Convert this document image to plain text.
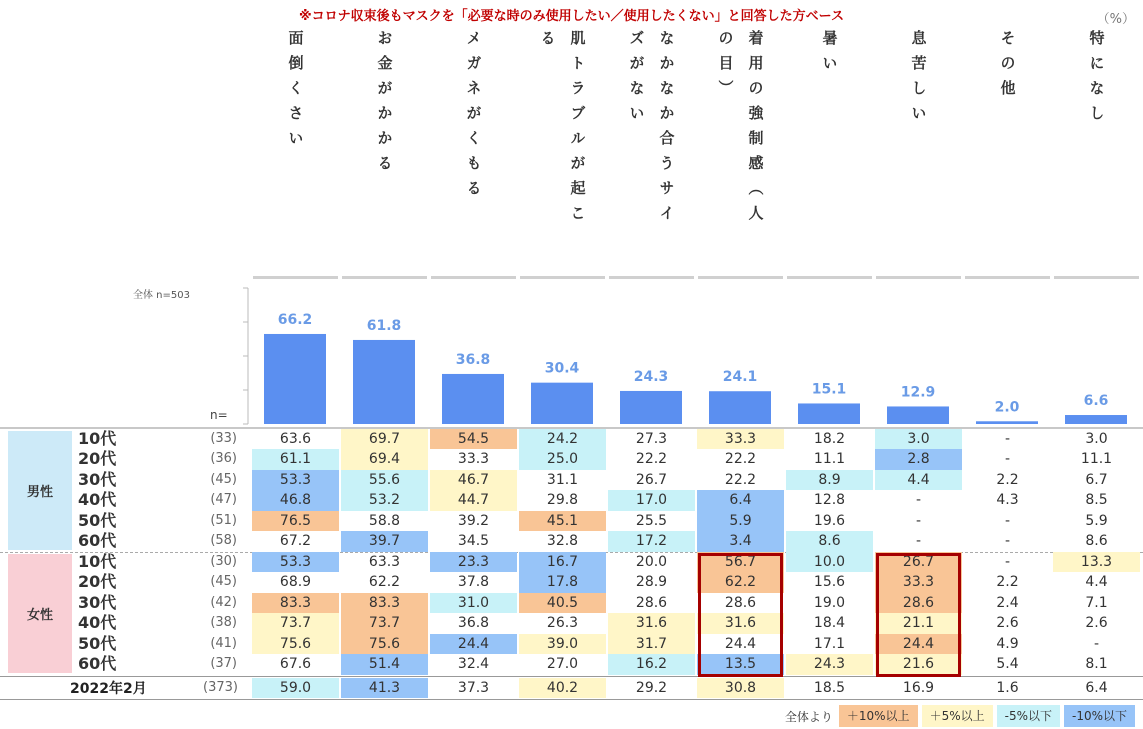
※コロナ収束後もマスクを「必要な時のみ使用したい／使用したくない」と回答した方ベース	（%）
面倒くさい	お金がかかる	メガネがくもる	肌トラブルが起こ
る	なかなか合うサイ
ズがない	着用の強制感︵人
の目︶	暑い	息苦しい	その他	特になし
全体 n=503
66.2	61.8
36.8
30.4
24.3	24.1
15.1	12.9
2.0	6.6
n=
男性
10代	(33)	63.6	69.7	54.5	24.2	27.3	33.3	18.2	3.0	-	3.0
20代	(36)	61.1	69.4	33.3	25.0	22.2	22.2	11.1	2.8	-	11.1
30代	(45)	53.3	55.6	46.7	31.1	26.7	22.2	8.9	4.4	2.2	6.7
40代	(47)	46.8	53.2	44.7	29.8	17.0	6.4	12.8	-	4.3	8.5
50代	(51)	76.5	58.8	39.2	45.1	25.5	5.9	19.6	-	-	5.9
60代	(58)	67.2	39.7	34.5	32.8	17.2	3.4	8.6	-	-	8.6
女性
10代	(30)	53.3	63.3	23.3	16.7	20.0	56.7	10.0	26.7	-	13.3
20代	(45)	68.9	62.2	37.8	17.8	28.9	62.2	15.6	33.3	2.2	4.4
30代	(42)	83.3	83.3	31.0	40.5	28.6	28.6	19.0	28.6	2.4	7.1
40代	(38)	73.7	73.7	36.8	26.3	31.6	31.6	18.4	21.1	2.6	2.6
50代	(41)	75.6	75.6	24.4	39.0	31.7	24.4	17.1	24.4	4.9	-
60代	(37)	67.6	51.4	32.4	27.0	16.2	13.5	24.3	21.6	5.4	8.1
2022年2月	(373)	59.0	41.3	37.3	40.2	29.2	30.8	18.5	16.9	1.6	6.4
全体より	＋10%以上	＋5%以上	-5%以下	-10%以下
